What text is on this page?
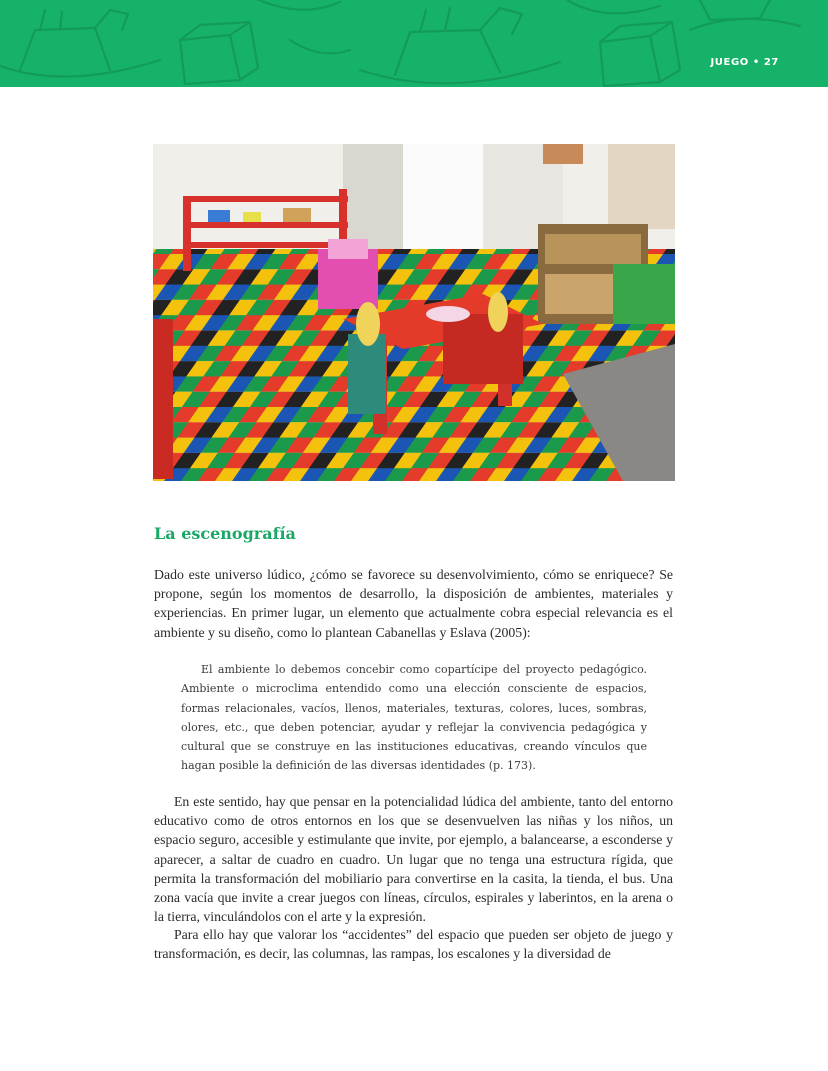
JUEGO • 27
La escenografía

Dado este universo lúdico, ¿cómo se favorece su desenvolvimiento, cómo se enriquece? Se propone, según los momentos de desarrollo, la disposición de ambientes, materiales y experiencias. En primer lugar, un elemento que actualmente cobra especial relevancia es el ambiente y su diseño, como lo plantean Cabanellas y Eslava (2005):

El ambiente lo debemos concebir como copartícipe del proyecto pedagógico. Ambiente o microclima entendido como una elección consciente de espacios, formas relacionales, vacíos, llenos, materiales, texturas, colores, luces, sombras, olores, etc., que deben potenciar, ayudar y reflejar la convivencia pedagógica y cultural que se construye en las instituciones educativas, creando vínculos que hagan posible la definición de las diversas identidades (p. 173).

En este sentido, hay que pensar en la potencialidad lúdica del ambiente, tanto del entorno educativo como de otros entornos en los que se desenvuelven las niñas y los niños, un espacio seguro, accesible y estimulante que invite, por ejemplo, a balancearse, a esconderse y aparecer, a saltar de cuadro en cuadro. Un lugar que no tenga una estructura rígida, que permita la transformación del mobiliario para convertirse en la casita, la tienda, el bus. Una zona vacía que invite a crear juegos con líneas, círculos, espirales y laberintos, en la arena o la tierra, vinculándolos con el arte y la expresión.

Para ello hay que valorar los “accidentes” del espacio que pueden ser objeto de juego y transformación, es decir, las columnas, las rampas, los escalones y la diversidad de
